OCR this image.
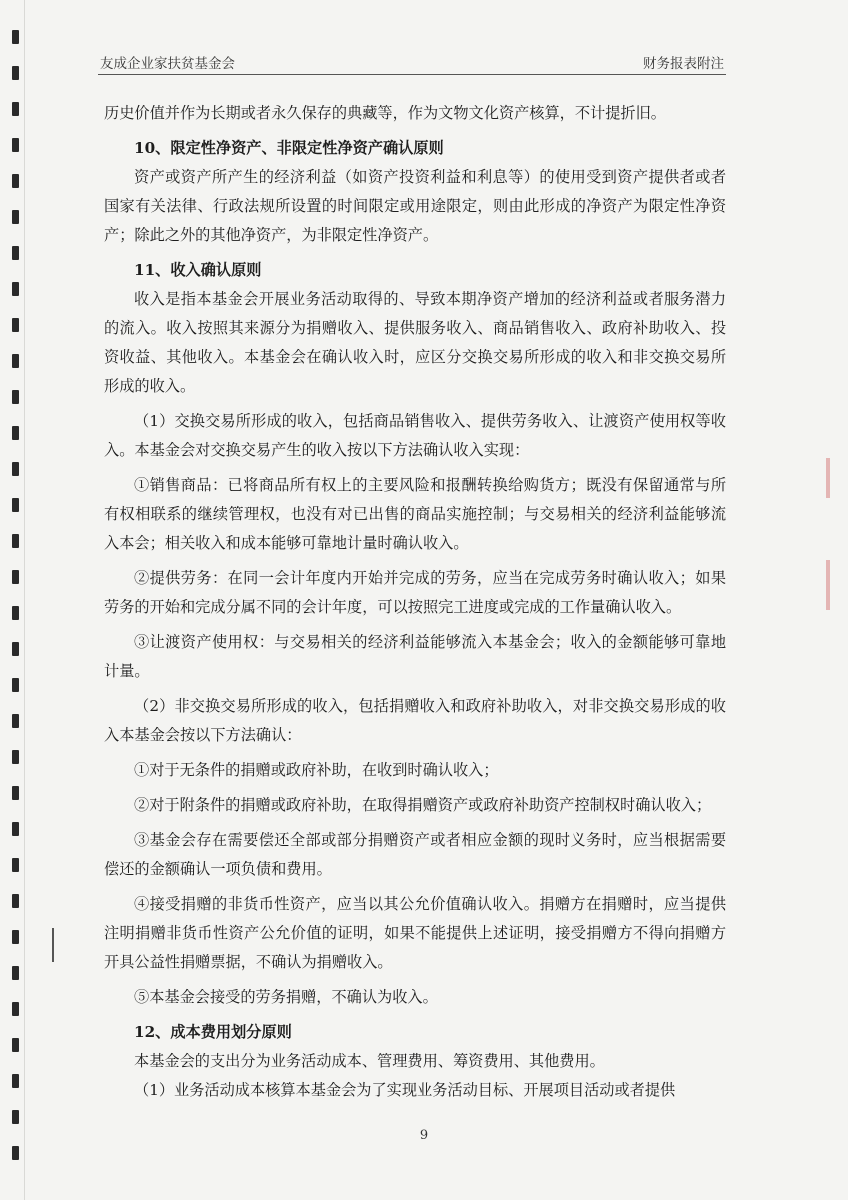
友成企业家扶贫基金会	财务报表附注

历史价值并作为长期或者永久保存的典藏等，作为文物文化资产核算，不计提折旧。

10、限定性净资产、非限定性净资产确认原则

资产或资产所产生的经济利益（如资产投资利益和利息等）的使用受到资产提供者或者国家有关法律、行政法规所设置的时间限定或用途限定，则由此形成的净资产为限定性净资产；除此之外的其他净资产，为非限定性净资产。

11、收入确认原则

收入是指本基金会开展业务活动取得的、导致本期净资产增加的经济利益或者服务潜力的流入。收入按照其来源分为捐赠收入、提供服务收入、商品销售收入、政府补助收入、投资收益、其他收入。本基金会在确认收入时，应区分交换交易所形成的收入和非交换交易所形成的收入。

（1）交换交易所形成的收入，包括商品销售收入、提供劳务收入、让渡资产使用权等收入。本基金会对交换交易产生的收入按以下方法确认收入实现：

①销售商品：已将商品所有权上的主要风险和报酬转换给购货方；既没有保留通常与所有权相联系的继续管理权，也没有对已出售的商品实施控制；与交易相关的经济利益能够流入本会；相关收入和成本能够可靠地计量时确认收入。

②提供劳务：在同一会计年度内开始并完成的劳务，应当在完成劳务时确认收入；如果劳务的开始和完成分属不同的会计年度，可以按照完工进度或完成的工作量确认收入。

③让渡资产使用权：与交易相关的经济利益能够流入本基金会；收入的金额能够可靠地计量。

（2）非交换交易所形成的收入，包括捐赠收入和政府补助收入，对非交换交易形成的收入本基金会按以下方法确认：

①对于无条件的捐赠或政府补助，在收到时确认收入；

②对于附条件的捐赠或政府补助，在取得捐赠资产或政府补助资产控制权时确认收入；

③基金会存在需要偿还全部或部分捐赠资产或者相应金额的现时义务时，应当根据需要偿还的金额确认一项负债和费用。

④接受捐赠的非货币性资产，应当以其公允价值确认收入。捐赠方在捐赠时，应当提供注明捐赠非货币性资产公允价值的证明，如果不能提供上述证明，接受捐赠方不得向捐赠方开具公益性捐赠票据，不确认为捐赠收入。

⑤本基金会接受的劳务捐赠，不确认为收入。

12、成本费用划分原则

本基金会的支出分为业务活动成本、管理费用、筹资费用、其他费用。

（1）业务活动成本核算本基金会为了实现业务活动目标、开展项目活动或者提供

9
